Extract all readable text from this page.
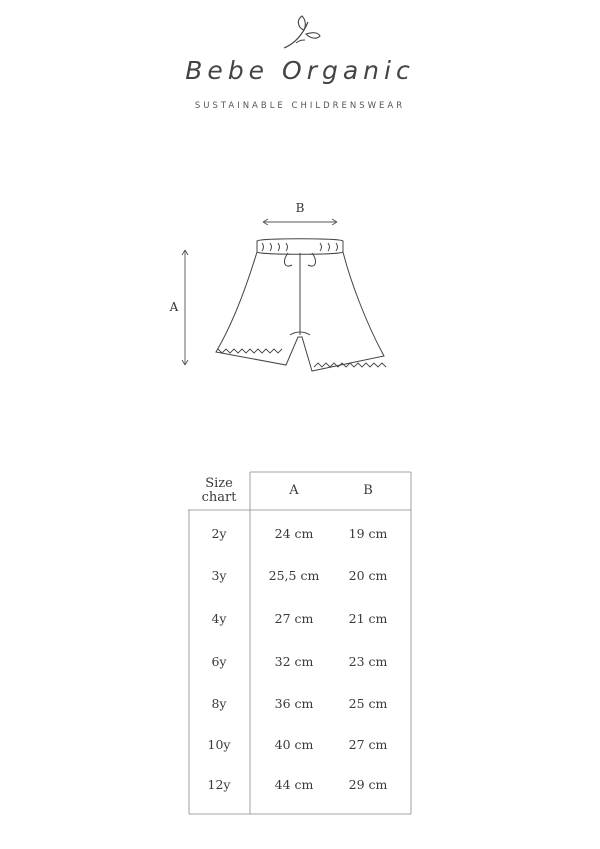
Bebe Organic
SUSTAINABLE CHILDRENSWEAR
B
A
Size
chart	A	B
2y	24 cm	19 cm
3y	25,5 cm	20 cm
4y	27 cm	21 cm
6y	32 cm	23 cm
8y	36 cm	25 cm
10y	40 cm	27 cm
12y	44 cm	29 cm
